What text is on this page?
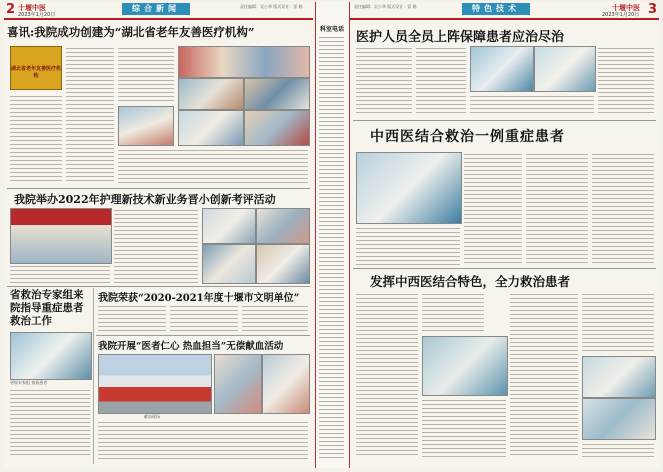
2 十堰中医
2023年1月20日
综合新闻	责任编辑：吴小华 版式设计：雷 娟
喜讯:我院成功创建为“湖北省老年友善医疗机构”
湖北省老年友善医疗机构
我院举办2022年护理新技术新业务晋小创新考评活动
省救治专家组来院指导重症患者救治工作
省级专家组 查看患者
我院荣获“2020-2021年度十堰市文明单位”
我院开展“医者仁心 热血担当”无偿献血活动
献血现场
科室电话
责任编辑：吴小华 版式设计：雷 娟	特色技术
2023年1月20日
十堰中医 3
医护人员全员上阵保障患者应治尽治
中西医结合救治一例重症患者
发挥中西医结合特色，全力救治患者
